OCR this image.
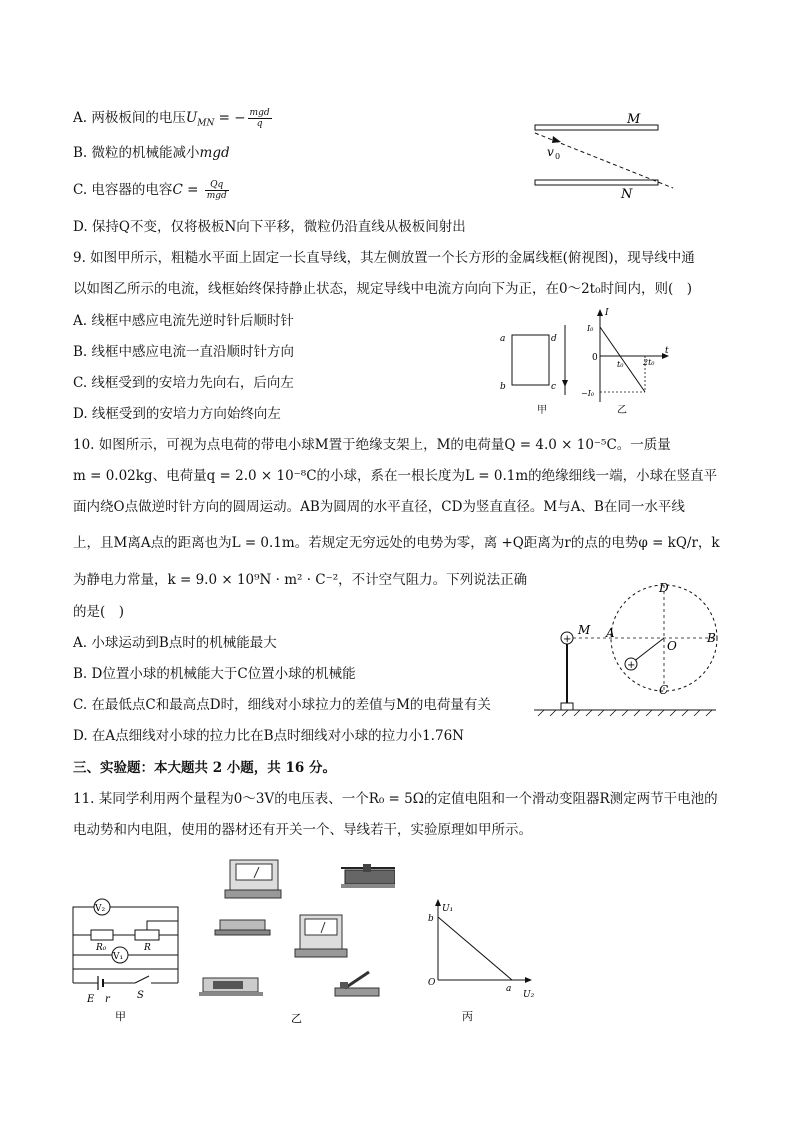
A. 两极板间的电压$U_{MN}$ = − $\frac{\text{mgd}}{q}$
B. 微粒的机械能减小mgd
C. 电容器的电容$C = \frac{Qq}{\text{mgd}}$
D. 保持Q不变，仅将极板N向下平移，微粒仍沿直线从极板间射出
M
N
v 0
9. 如图甲所示，粗糙水平面上固定一长直导线，其左侧放置一个长方形的金属线框(俯视图)，现导线中通
以如图乙所示的电流，线框始终保持静止状态，规定导线中电流方向向下为正，在0～2t₀时间内，则(　)
A. 线框中感应电流先逆时针后顺时针
B. 线框中感应电流一直沿顺时针方向
C. 线框受到的安培力先向右，后向左
D. 线框受到的安培力方向始终向左
a
b	c
d
甲
I
I₀
0
t
t₀ 2t₀
−I₀
乙
10. 如图所示，可视为点电荷的带电小球M置于绝缘支架上，M的电荷量Q = 4.0 × 10⁻⁵C。一质量
m = 0.02kg、电荷量q = 2.0 × 10⁻⁸C的小球，系在一根长度为L = 0.1m的绝缘细线一端，小球在竖直平
面内绕O点做逆时针方向的圆周运动。AB为圆周的水平直径，CD为竖直直径。M与A、B在同一水平线
上，且M离A点的距离也为L = 0.1m。若规定无穷远处的电势为零，离 +Q距离为r的点的电势φ = kQ/r，k
为静电力常量，k = 9.0 × 10⁹N · m² · C⁻²，不计空气阻力。下列说法正确
的是(　)
A. 小球运动到B点时的机械能最大
B. D位置小球的机械能大于C位置小球的机械能
C. 在最低点C和最高点D时，细线对小球拉力的差值与M的电荷量有关
D. 在A点细线对小球的拉力比在B点时细线对小球的拉力小1.76N
+
+
M A
O
B
C
D
三、实验题：本大题共 2 小题，共 16 分。
11. 某同学利用两个量程为0～3V的电压表、一个R₀ = 5Ω的定值电阻和一个滑动变阻器R测定两节干电池的
电动势和内电阻，使用的器材还有开关一个、导线若干，实验原理如甲所示。
V₂
R₀	R
V₁
E r	S
甲	乙
U₁
b
O
a
U₂
丙
